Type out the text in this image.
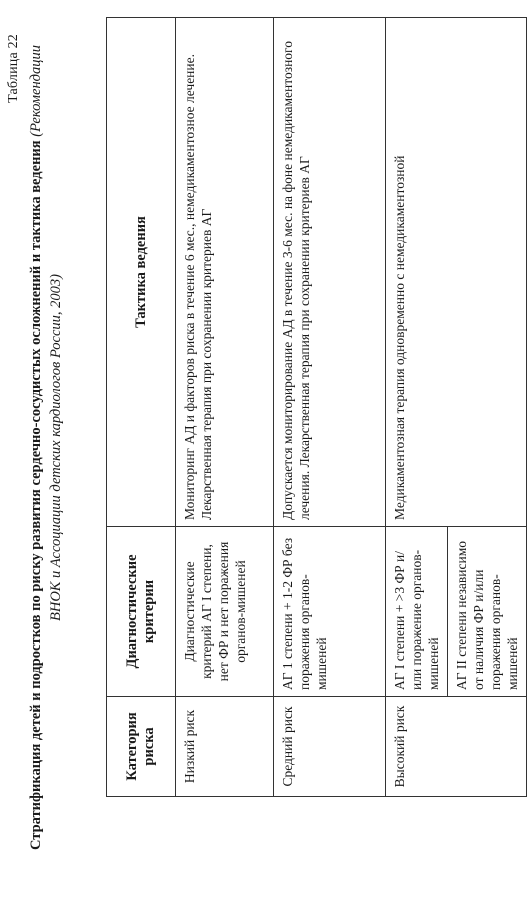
Таблица 22
Стратификация детей и подростков по риску развития сердечно-сосудистых осложнений и тактика ведения (Рекомендации ВНОК и Ассоциации детских кардиологов России, 2003)
Категория риска	Диагностические критерии	Тактика ведения
Низкий риск	Диагностические критерий АГ I степени, нет ФР и нет поражения органов-мишеней	Мониторинг АД и факторов риска в течение 6 мес., немедикаментозное лечение. Лекарственная терапия при сохранении критериев АГ
Средний риск	АГ 1 степени + 1-2 ФР без поражения органов-мишеней	Допускается мониторирование АД в течение 3-6 мес. на фоне немедикаментозного лечения. Лекарственная терапия при сохранении критериев АГ
Высокий риск	АГ I степени + >3 ФР и/или поражение органов-мишеней	Медикаментозная терапия одновременно с немедикаментозной
	АГ II степени независимо от наличия ФР и/или поражения органов-мишеней	
